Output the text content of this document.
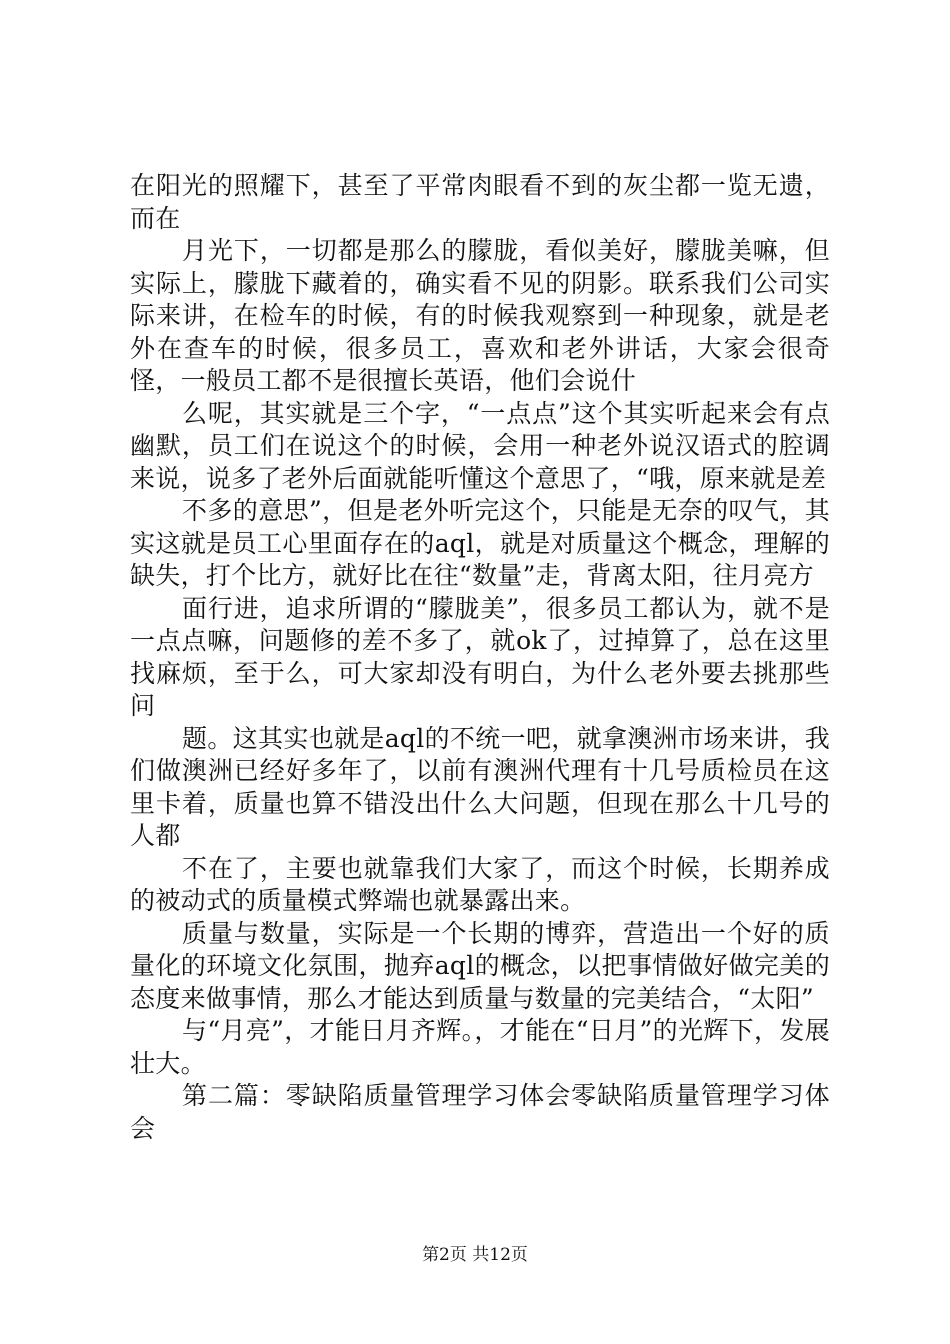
在阳光的照耀下，甚至了平常肉眼看不到的灰尘都一览无遗，而在

月光下，一切都是那么的朦胧，看似美好，朦胧美嘛，但实际上，朦胧下藏着的，确实看不见的阴影。联系我们公司实际来讲，在检车的时候，有的时候我观察到一种现象，就是老外在查车的时候，很多员工，喜欢和老外讲话，大家会很奇怪，一般员工都不是很擅长英语，他们会说什

么呢，其实就是三个字，“一点点”这个其实听起来会有点幽默，员工们在说这个的时候，会用一种老外说汉语式的腔调来说，说多了老外后面就能听懂这个意思了，“哦，原来就是差

不多的意思”，但是老外听完这个，只能是无奈的叹气，其实这就是员工心里面存在的aql，就是对质量这个概念，理解的缺失，打个比方，就好比在往“数量”走，背离太阳，往月亮方

面行进，追求所谓的“朦胧美”，很多员工都认为，就不是一点点嘛，问题修的差不多了，就ok了，过掉算了，总在这里找麻烦，至于么，可大家却没有明白，为什么老外要去挑那些问

题。这其实也就是aql的不统一吧，就拿澳洲市场来讲，我们做澳洲已经好多年了，以前有澳洲代理有十几号质检员在这里卡着，质量也算不错没出什么大问题，但现在那么十几号的人都

不在了，主要也就靠我们大家了，而这个时候，长期养成的被动式的质量模式弊端也就暴露出来。

质量与数量，实际是一个长期的博弈，营造出一个好的质量化的环境文化氛围，抛弃aql的概念，以把事情做好做完美的态度来做事情，那么才能达到质量与数量的完美结合，“太阳”

与“月亮”，才能日月齐辉。，才能在“日月”的光辉下，发展壮大。

第二篇：零缺陷质量管理学习体会零缺陷质量管理学习体会

第2页 共12页
